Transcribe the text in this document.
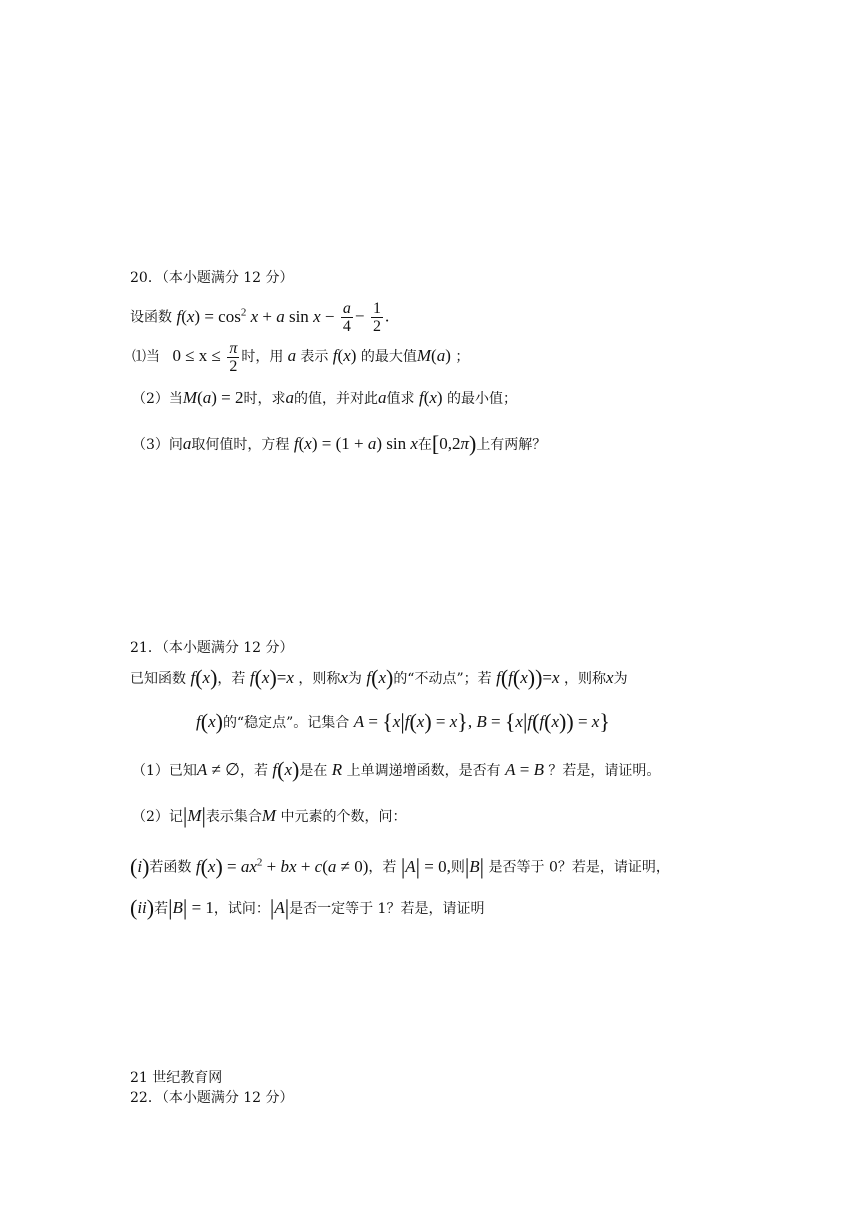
20．（本小题满分 12 分）
设函数 $f(x) = \cos^2 x + a$ $\sin x - \frac{a}{4} - \frac{1}{2}$ .
⑴当 $0 \le x \le \frac{\pi}{2}$ 时，用 a 表示 f(x) 的最大值M(a) ；
（2）当M(a) = 2时，求a的值，并对此a值求 f(x) 的最小值；
（3）问a取何值时，方程 f(x) = (1 + a) sin x在[0,2π)上有两解？
21．（本小题满分 12 分）
已知函数 f(x)，若 f(x)=x ，则称x为 f(x)的“不动点”；若 f(f(x))=x ，则称x为
f(x)的“稳定点”。记集合 A = {x|f(x) = x}, B = {x|f(f(x)) = x}
（1）已知A ≠ ∅，若 f(x)是在 R 上单调递增函数，是否有 A = B ？若是，请证明。
（2）记|M|表示集合M 中元素的个数，问：
(i)若函数 $f(x) = ax^2$ + bx + c(a ≠ 0)，若 |A| = 0,则|B| 是否等于 0？若是，请证明，
(ii)若|B| = 1，试问：|A|是否一定等于 1？若是，请证明
21 世纪教育网
22．（本小题满分 12 分）
